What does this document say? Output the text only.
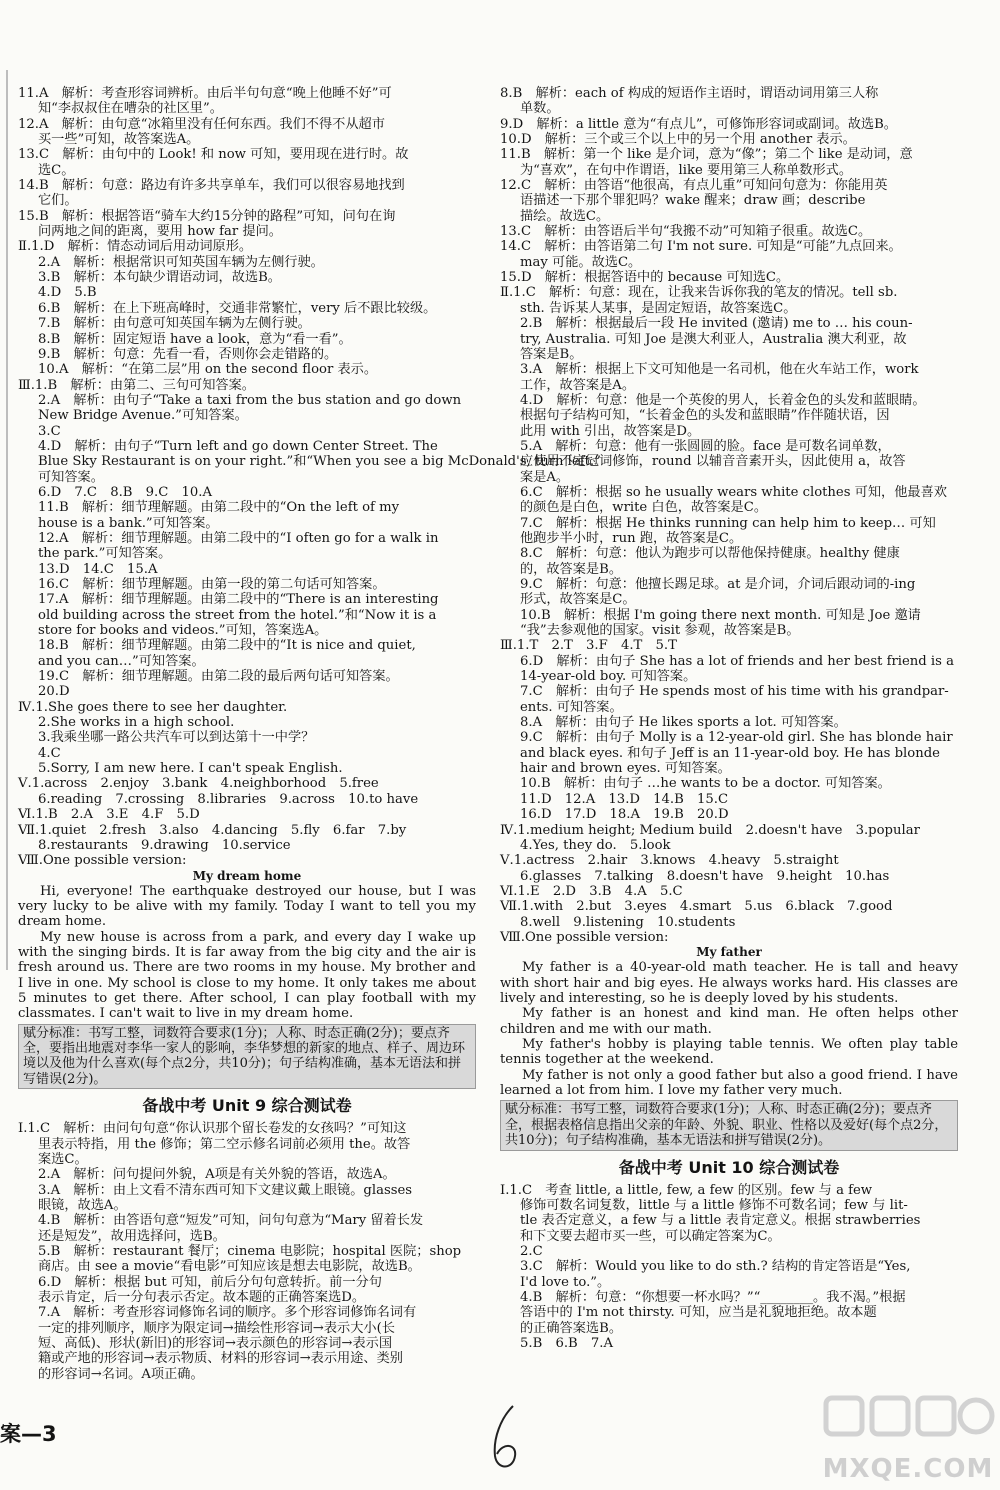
11.A　解析：考查形容词辨析。由后半句句意“晚上他睡不好”可
知“李叔叔住在嘈杂的社区里”。
12.A　解析：由句意“冰箱里没有任何东西。我们不得不从超市
买一些”可知，故答案选A。
13.C　解析：由句中的 Look! 和 now 可知，要用现在进行时。故
选C。
14.B　解析：句意：路边有许多共享单车，我们可以很容易地找到
它们。
15.B　解析：根据答语“骑车大约15分钟的路程”可知，问句在询
问两地之间的距离，要用 how far 提问。
Ⅱ.1.D　解析：情态动词后用动词原形。
2.A　解析：根据常识可知英国车辆为左侧行驶。
3.B　解析：本句缺少谓语动词，故选B。
4.D　5.B
6.B　解析：在上下班高峰时，交通非常繁忙，very 后不跟比较级。
7.B　解析：由句意可知英国车辆为左侧行驶。
8.B　解析：固定短语 have a look，意为“看一看”。
9.B　解析：句意：先看一看，否则你会走错路的。
10.A　解析：“在第二层”用 on the second floor 表示。
Ⅲ.1.B　解析：由第二、三句可知答案。
2.A　解析：由句子“Take a taxi from the bus station and go down
New Bridge Avenue.”可知答案。
3.C
4.D　解析：由句子“Turn left and go down Center Street. The
Blue Sky Restaurant is on your right.”和“When you see a big McDonald's, turn left.”
可知答案。
6.D　7.C　8.B　9.C　10.A
11.B　解析：细节理解题。由第二段中的“On the left of my
house is a bank.”可知答案。
12.A　解析：细节理解题。由第二段中的“I often go for a walk in
the park.”可知答案。
13.D　14.C　15.A
16.C　解析：细节理解题。由第一段的第二句话可知答案。
17.A　解析：细节理解题。由第二段中的“There is an interesting
old building across the street from the hotel.”和“Now it is a
store for books and videos.”可知，答案选A。
18.B　解析：细节理解题。由第二段中的“It is nice and quiet,
and you can…”可知答案。
19.C　解析：细节理解题。由第二段的最后两句话可知答案。
20.D
Ⅳ.1.She goes there to see her daughter.
2.She works in a high school.
3.我乘坐哪一路公共汽车可以到达第十一中学？
4.C
5.Sorry, I am new here. I can't speak English.
Ⅴ.1.across　2.enjoy　3.bank　4.neighborhood　5.free
6.reading　7.crossing　8.libraries　9.across　10.to have
Ⅵ.1.B　2.A　3.E　4.F　5.D
Ⅶ.1.quiet　2.fresh　3.also　4.dancing　5.fly　6.far　7.by
8.restaurants　9.drawing　10.service
Ⅷ.One possible version:
My dream home
Hi, everyone! The earthquake destroyed our house, but I was very lucky to be alive with my family. Today I want to tell you my dream home.
My new house is across from a park, and every day I wake up with the singing birds. It is far away from the big city and the air is fresh around us. There are two rooms in my house. My brother and I live in one. My school is close to my home. It only takes me about 5 minutes to get there. After school, I can play football with my classmates. I can't wait to live in my dream home.
赋分标准：书写工整，词数符合要求(1分)；人称、时态正确(2分)；要点齐全，要指出地震对李华一家人的影响，李华梦想的新家的地点、样子、周边环境以及他为什么喜欢(每个点2分，共10分)；句子结构准确，基本无语法和拼写错误(2分)。
备战中考 Unit 9 综合测试卷
Ⅰ.1.C　解析：由问句句意“你认识那个留长卷发的女孩吗？”可知这
里表示特指，用 the 修饰；第二空示修名词前必须用 the。故答
案选C。
2.A　解析：问句提问外貌，A项是有关外貌的答语，故选A。
3.A　解析：由上文看不清东西可知下文建议戴上眼镜。glasses
眼镜，故选A。
4.B　解析：由答语句意“短发”可知，问句句意为“Mary 留着长发
还是短发”，故用选择问，选B。
5.B　解析：restaurant 餐厅；cinema 电影院；hospital 医院；shop
商店。由 see a movie“看电影”可知应该是想去电影院，故选B。
6.D　解析：根据 but 可知，前后分句句意转折。前一分句
表示肯定，后一分句表示否定。故本题的正确答案选D。
7.A　解析：考查形容词修饰名词的顺序。多个形容词修饰名词有
一定的排列顺序，顺序为限定词→描绘性形容词→表示大小(长
短、高低)、形状(新旧)的形容词→表示颜色的形容词→表示国
籍或产地的形容词→表示物质、材料的形容词→表示用途、类别
的形容词→名词。A项正确。
8.B　解析：each of 构成的短语作主语时，谓语动词用第三人称
单数。
9.D　解析：a little 意为“有点儿”，可修饰形容词或副词。故选B。
10.D　解析：三个或三个以上中的另一个用 another 表示。
11.B　解析：第一个 like 是介词，意为“像”；第二个 like 是动词，意
为“喜欢”，在句中作谓语，like 要用第三人称单数形式。
12.C　解析：由答语“他很高，有点儿重”可知问句意为：你能用英
语描述一下那个罪犯吗？wake 醒来；draw 画；describe
描绘。故选C。
13.C　解析：由答语后半句“我搬不动”可知箱子很重。故选C。
14.C　解析：由答语第二句 I'm not sure. 可知是“可能”九点回来。
may 可能。故选C。
15.D　解析：根据答语中的 because 可知选C。
Ⅱ.1.C　解析：句意：现在，让我来告诉你我的笔友的情况。tell sb.
sth. 告诉某人某事，是固定短语，故答案选C。
2.B　解析：根据最后一段 He invited (邀请) me to … his coun-
try, Australia. 可知 Joe 是澳大利亚人，Australia 澳大利亚，故
答案是B。
3.A　解析：根据上下文可知他是一名司机，他在火车站工作，work
工作，故答案是A。
4.D　解析：句意：他是一个英俊的男人，长着金色的头发和蓝眼睛。
根据句子结构可知，“长着金色的头发和蓝眼睛”作伴随状语，因
此用 with 引出，故答案是D。
5.A　解析：句意：他有一张圆圆的脸。face 是可数名词单数，
应使用不定冠词修饰，round 以辅音音素开头，因此使用 a，故答
案是A。
6.C　解析：根据 so he usually wears white clothes 可知，他最喜欢
的颜色是白色，write 白色，故答案是C。
7.C　解析：根据 He thinks running can help him to keep… 可知
他跑步半小时，run 跑，故答案是C。
8.C　解析：句意：他认为跑步可以帮他保持健康。healthy 健康
的，故答案是B。
9.C　解析：句意：他擅长踢足球。at 是介词，介词后跟动词的-ing
形式，故答案是C。
10.B　解析：根据 I'm going there next month. 可知是 Joe 邀请
“我”去参观他的国家。visit 参观，故答案是B。
Ⅲ.1.T　2.T　3.F　4.T　5.T
6.D　解析：由句子 She has a lot of friends and her best friend is a
14-year-old boy. 可知答案。
7.C　解析：由句子 He spends most of his time with his grandpar-
ents. 可知答案。
8.A　解析：由句子 He likes sports a lot. 可知答案。
9.C　解析：由句子 Molly is a 12-year-old girl. She has blonde hair
and black eyes. 和句子 Jeff is an 11-year-old boy. He has blonde
hair and brown eyes. 可知答案。
10.B　解析：由句子 …he wants to be a doctor. 可知答案。
11.D　12.A　13.D　14.B　15.C
16.D　17.D　18.A　19.B　20.D
Ⅳ.1.medium height; Medium build　2.doesn't have　3.popular
4.Yes, they do.　5.look
Ⅴ.1.actress　2.hair　3.knows　4.heavy　5.straight
6.glasses　7.talking　8.doesn't have　9.height　10.has
Ⅵ.1.E　2.D　3.B　4.A　5.C
Ⅶ.1.with　2.but　3.eyes　4.smart　5.us　6.black　7.good
8.well　9.listening　10.students
Ⅷ.One possible version:
My father
My father is a 40-year-old math teacher. He is tall and heavy with short hair and big eyes. He always works hard. His classes are lively and interesting, so he is deeply loved by his students.
My father is an honest and kind man. He often helps other children and me with our math.
My father's hobby is playing table tennis. We often play table tennis together at the weekend.
My father is not only a good father but also a good friend. I have learned a lot from him. I love my father very much.
赋分标准：书写工整，词数符合要求(1分)；人称、时态正确(2分)；要点齐全，根据表格信息指出父亲的年龄、外貌、职业、性格以及爱好(每个点2分，共10分)；句子结构准确，基本无语法和拼写错误(2分)。
备战中考 Unit 10 综合测试卷
Ⅰ.1.C　考查 little, a little, few, a few 的区别。few 与 a few
修饰可数名词复数，little 与 a little 修饰不可数名词；few 与 lit-
tle 表否定意义，a few 与 a little 表肯定意义。根据 strawberries
和下文要去超市买一些，可以确定答案为C。
2.C
3.C　解析：Would you like to do sth.? 结构的肯定答语是“Yes,
I'd love to.”。
4.B　解析：句意：“你想要一杯水吗？”“________。我不渴。”根据
答语中的 I'm not thirsty. 可知，应当是礼貌地拒绝。故本题
的正确答案选B。
5.B　6.B　7.A
案—3
MXQE.COM
